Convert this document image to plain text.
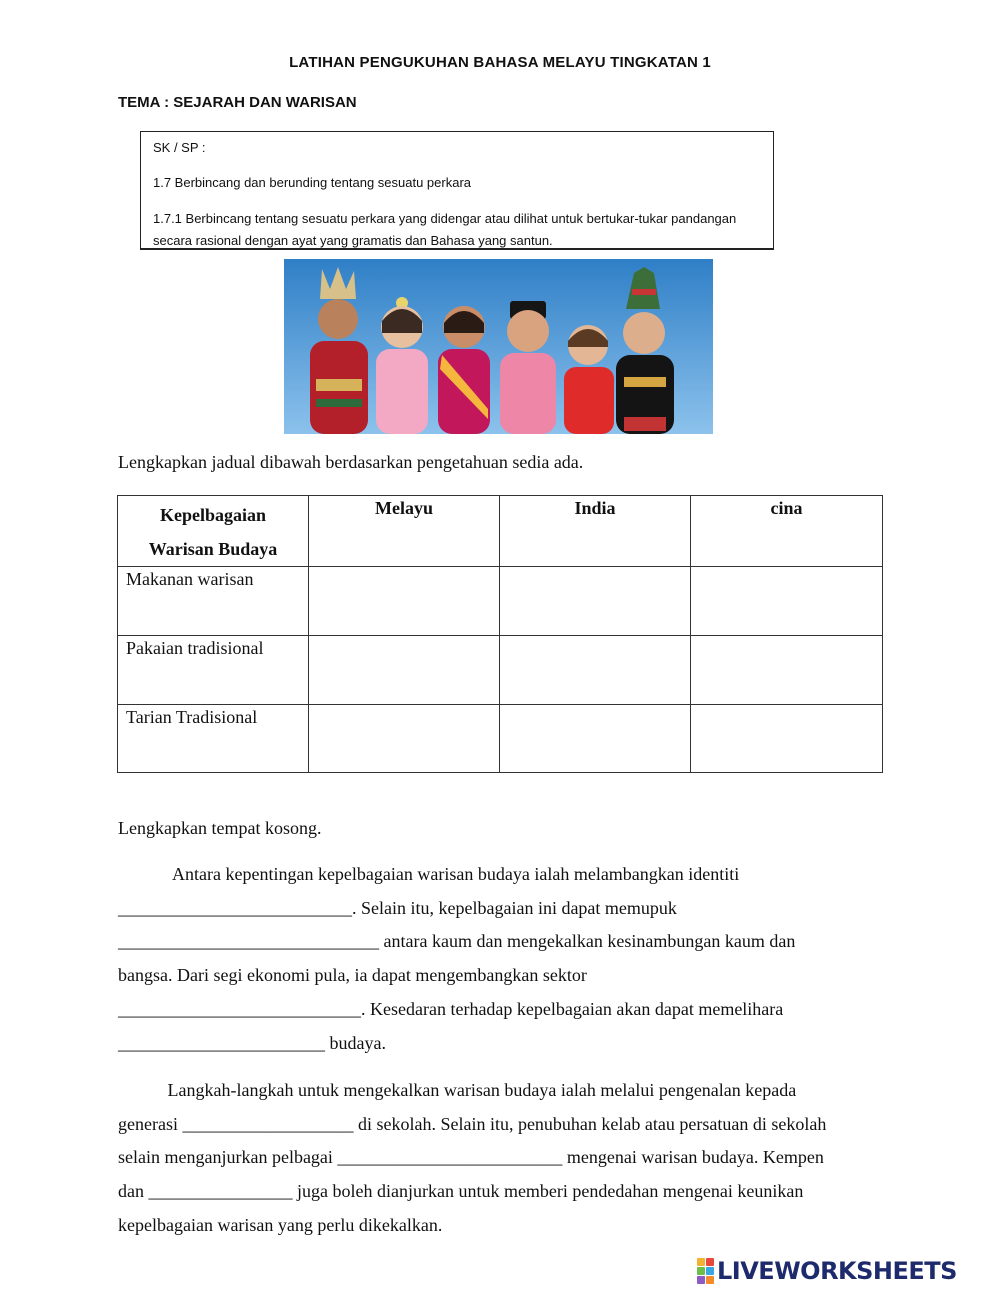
LATIHAN PENGUKUHAN BAHASA MELAYU TINGKATAN 1
TEMA : SEJARAH DAN WARISAN
SK / SP :
1.7 Berbincang dan berunding tentang sesuatu perkara
1.7.1 Berbincang tentang sesuatu perkara yang didengar atau dilihat untuk bertukar-tukar pandangan secara rasional dengan ayat yang gramatis dan Bahasa yang santun.
Lengkapkan jadual dibawah berdasarkan pengetahuan sedia ada.
Kepelbagaian
Warisan Budaya	Melayu	India	cina
Makanan warisan			
Pakaian tradisional			
Tarian Tradisional			
Lengkapkan tempat kosong.
Antara kepentingan kepelbagaian warisan budaya ialah melambangkan identiti
__________________________. Selain itu, kepelbagaian ini dapat memupuk
_____________________________ antara kaum dan mengekalkan kesinambungan kaum dan
bangsa. Dari segi ekonomi pula, ia dapat mengembangkan sektor
___________________________. Kesedaran terhadap kepelbagaian akan dapat memelihara
_______________________ budaya.
Langkah-langkah untuk mengekalkan warisan budaya ialah melalui pengenalan kepada
generasi ___________________ di sekolah. Selain itu, penubuhan kelab atau persatuan di sekolah
selain menganjurkan pelbagai _________________________ mengenai warisan budaya. Kempen
dan ________________ juga boleh dianjurkan untuk memberi pendedahan mengenai keunikan
kepelbagaian warisan yang perlu dikekalkan.
LIVEWORKSHEETS
